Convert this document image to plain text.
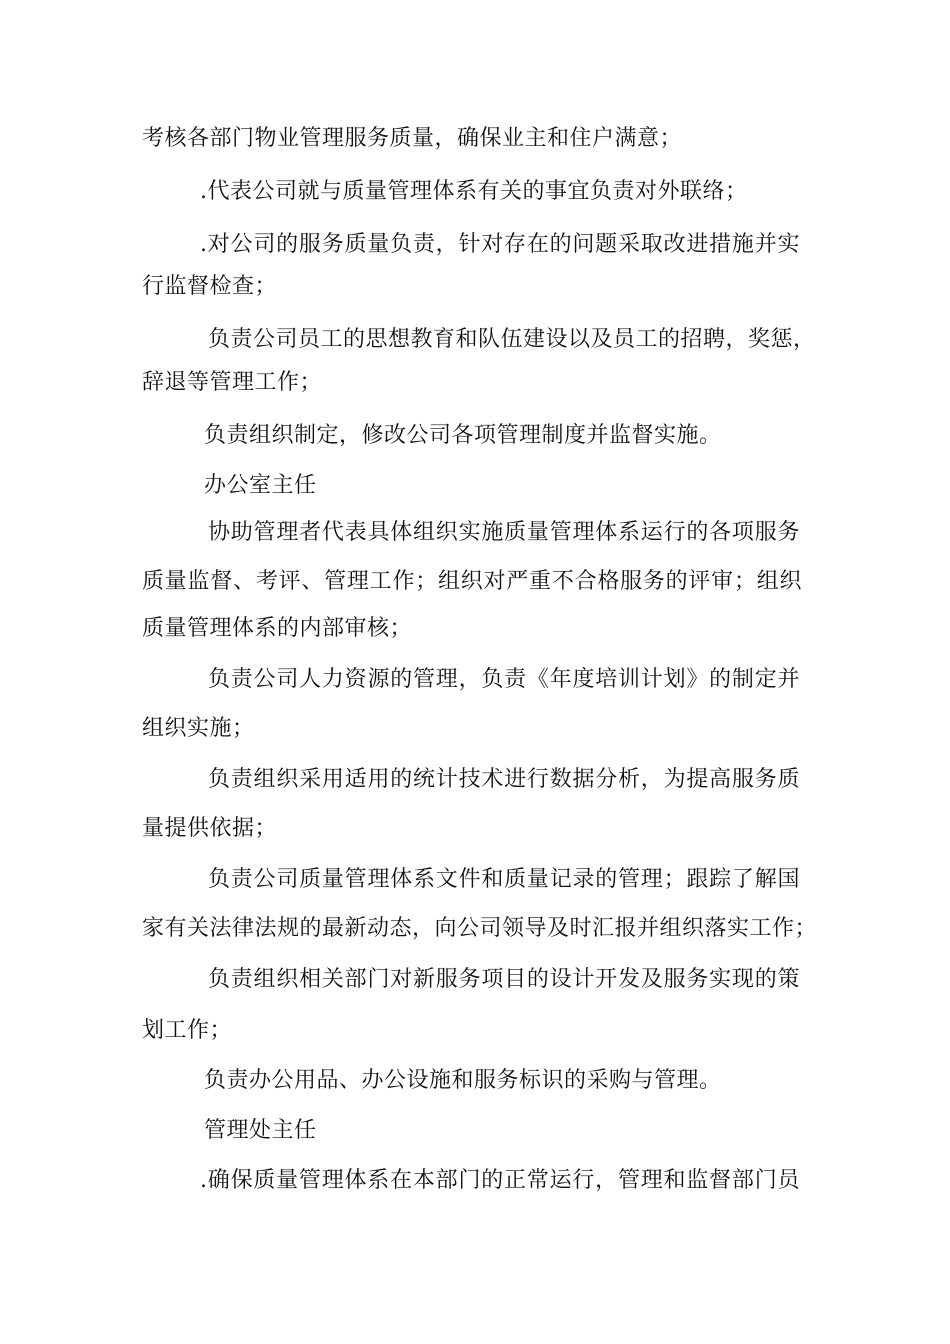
考核各部门物业管理服务质量，确保业主和住户满意；
.代表公司就与质量管理体系有关的事宜负责对外联络；
.对公司的服务质量负责，针对存在的问题采取改进措施并实
行监督检查；
负责公司员工的思想教育和队伍建设以及员工的招聘，奖惩，
辞退等管理工作；
负责组织制定，修改公司各项管理制度并监督实施。
办公室主任
协助管理者代表具体组织实施质量管理体系运行的各项服务
质量监督、考评、管理工作；组织对严重不合格服务的评审；组织
质量管理体系的内部审核；
负责公司人力资源的管理，负责《年度培训计划》的制定并
组织实施；
负责组织采用适用的统计技术进行数据分析，为提高服务质
量提供依据；
负责公司质量管理体系文件和质量记录的管理；跟踪了解国
家有关法律法规的最新动态，向公司领导及时汇报并组织落实工作；
负责组织相关部门对新服务项目的设计开发及服务实现的策
划工作；
负责办公用品、办公设施和服务标识的采购与管理。
管理处主任
.确保质量管理体系在本部门的正常运行，管理和监督部门员
